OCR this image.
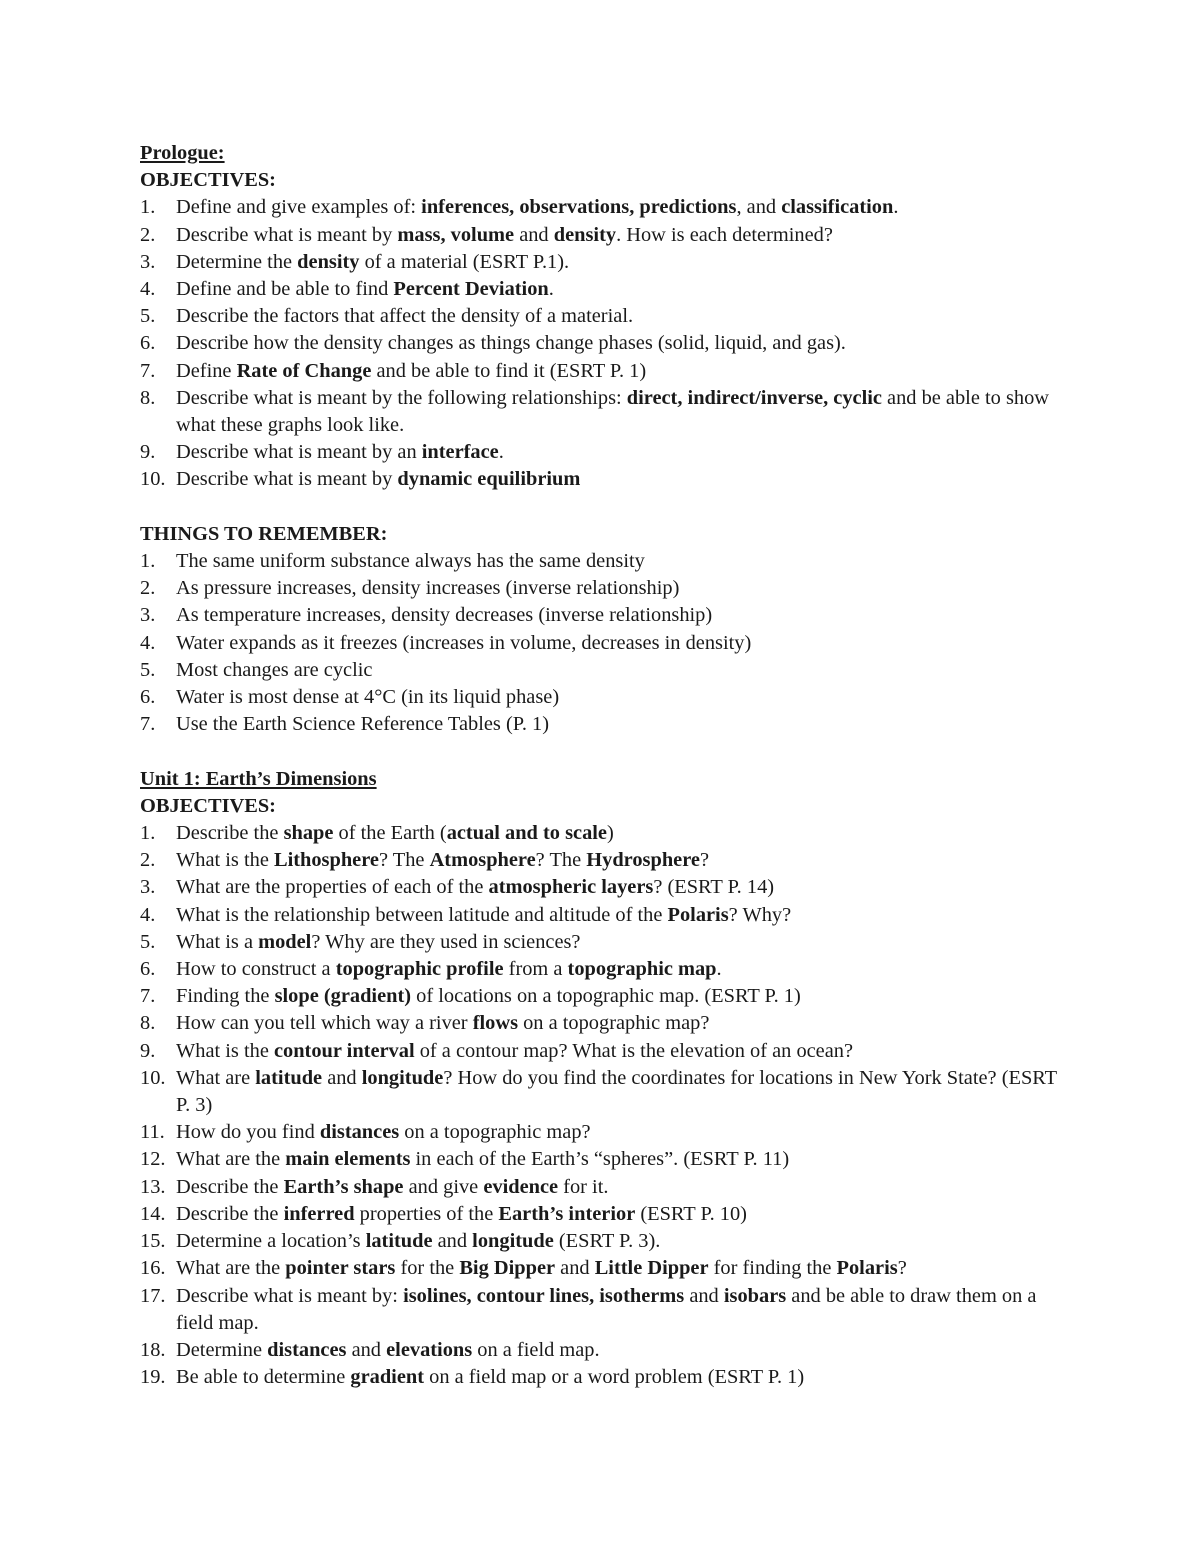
Prologue:
OBJECTIVES:
1. Define and give examples of: inferences, observations, predictions, and classification.
2. Describe what is meant by mass, volume and density. How is each determined?
3. Determine the density of a material (ESRT P.1).
4. Define and be able to find Percent Deviation.
5. Describe the factors that affect the density of a material.
6. Describe how the density changes as things change phases (solid, liquid, and gas).
7. Define Rate of Change and be able to find it (ESRT P. 1)
8. Describe what is meant by the following relationships: direct, indirect/inverse, cyclic and be able to show what these graphs look like.
9. Describe what is meant by an interface.
10. Describe what is meant by dynamic equilibrium
THINGS TO REMEMBER:
1. The same uniform substance always has the same density
2. As pressure increases, density increases (inverse relationship)
3. As temperature increases, density decreases (inverse relationship)
4. Water expands as it freezes (increases in volume, decreases in density)
5. Most changes are cyclic
6. Water is most dense at 4°C (in its liquid phase)
7. Use the Earth Science Reference Tables (P. 1)
Unit 1: Earth’s Dimensions
OBJECTIVES:
1. Describe the shape of the Earth (actual and to scale)
2. What is the Lithosphere? The Atmosphere? The Hydrosphere?
3. What are the properties of each of the atmospheric layers? (ESRT P. 14)
4. What is the relationship between latitude and altitude of the Polaris? Why?
5. What is a model? Why are they used in sciences?
6. How to construct a topographic profile from a topographic map.
7. Finding the slope (gradient) of locations on a topographic map. (ESRT P. 1)
8. How can you tell which way a river flows on a topographic map?
9. What is the contour interval of a contour map? What is the elevation of an ocean?
10. What are latitude and longitude? How do you find the coordinates for locations in New York State? (ESRT P. 3)
11. How do you find distances on a topographic map?
12. What are the main elements in each of the Earth’s “spheres”. (ESRT P. 11)
13. Describe the Earth’s shape and give evidence for it.
14. Describe the inferred properties of the Earth’s interior (ESRT P. 10)
15. Determine a location’s latitude and longitude (ESRT P. 3).
16. What are the pointer stars for the Big Dipper and Little Dipper for finding the Polaris?
17. Describe what is meant by: isolines, contour lines, isotherms and isobars and be able to draw them on a field map.
18. Determine distances and elevations on a field map.
19. Be able to determine gradient on a field map or a word problem (ESRT P. 1)
